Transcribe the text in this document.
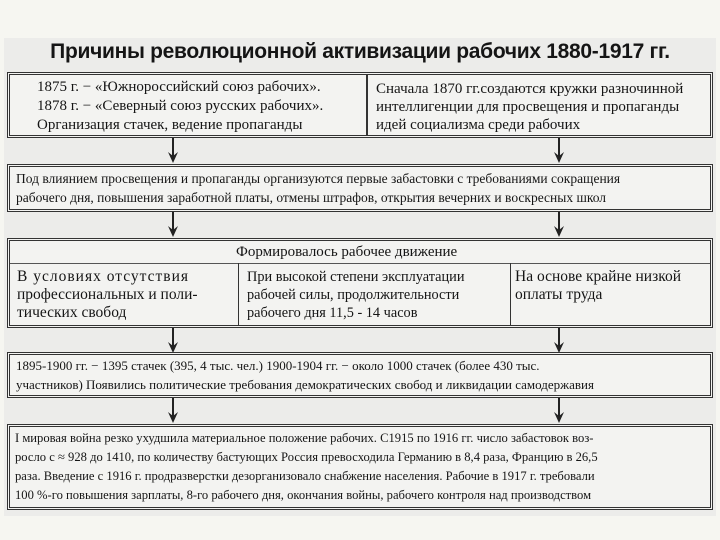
Причины революционной активизации рабочих 1880-1917 гг.
1875 г. − «Южнороссийский союз рабочих».
1878 г. − «Северный союз русских рабочих».
Организация стачек, ведение пропаганды
Сначала 1870 гг.создаются кружки разночинной
интеллигенции для просвещения и пропаганды
идей социализма среди рабочих
Под влиянием просвещения и пропаганды организуются первые забастовки с требованиями сокращения
рабочего дня, повышения заработной платы, отмены штрафов, открытия вечерних и воскресных школ
Формировалось рабочее движение
В условиях отсутствия
профессиональных и поли-
тических свобод
При высокой степени эксплуатации
рабочей силы, продолжительности
рабочего дня 11,5 - 14 часов
На основе крайне низкой
оплаты труда
1895-1900 гг. − 1395 стачек (395, 4 тыс. чел.) 1900-1904 гг. − около 1000 стачек (более 430 тыс.
участников) Появились политические требования демократических свобод и ликвидации самодержавия
I мировая война резко ухудшила материальное положение рабочих. С1915 по 1916 гг. число забастовок воз-
росло с ≈ 928 до 1410, по количеству бастующих Россия превосходила Германию в 8,4 раза, Францию в 26,5
раза. Введение с 1916 г. продразверстки дезорганизовало снабжение населения. Рабочие в 1917 г. требовали
100 %-го повышения зарплаты, 8-го рабочего дня, окончания войны, рабочего контроля над производством
